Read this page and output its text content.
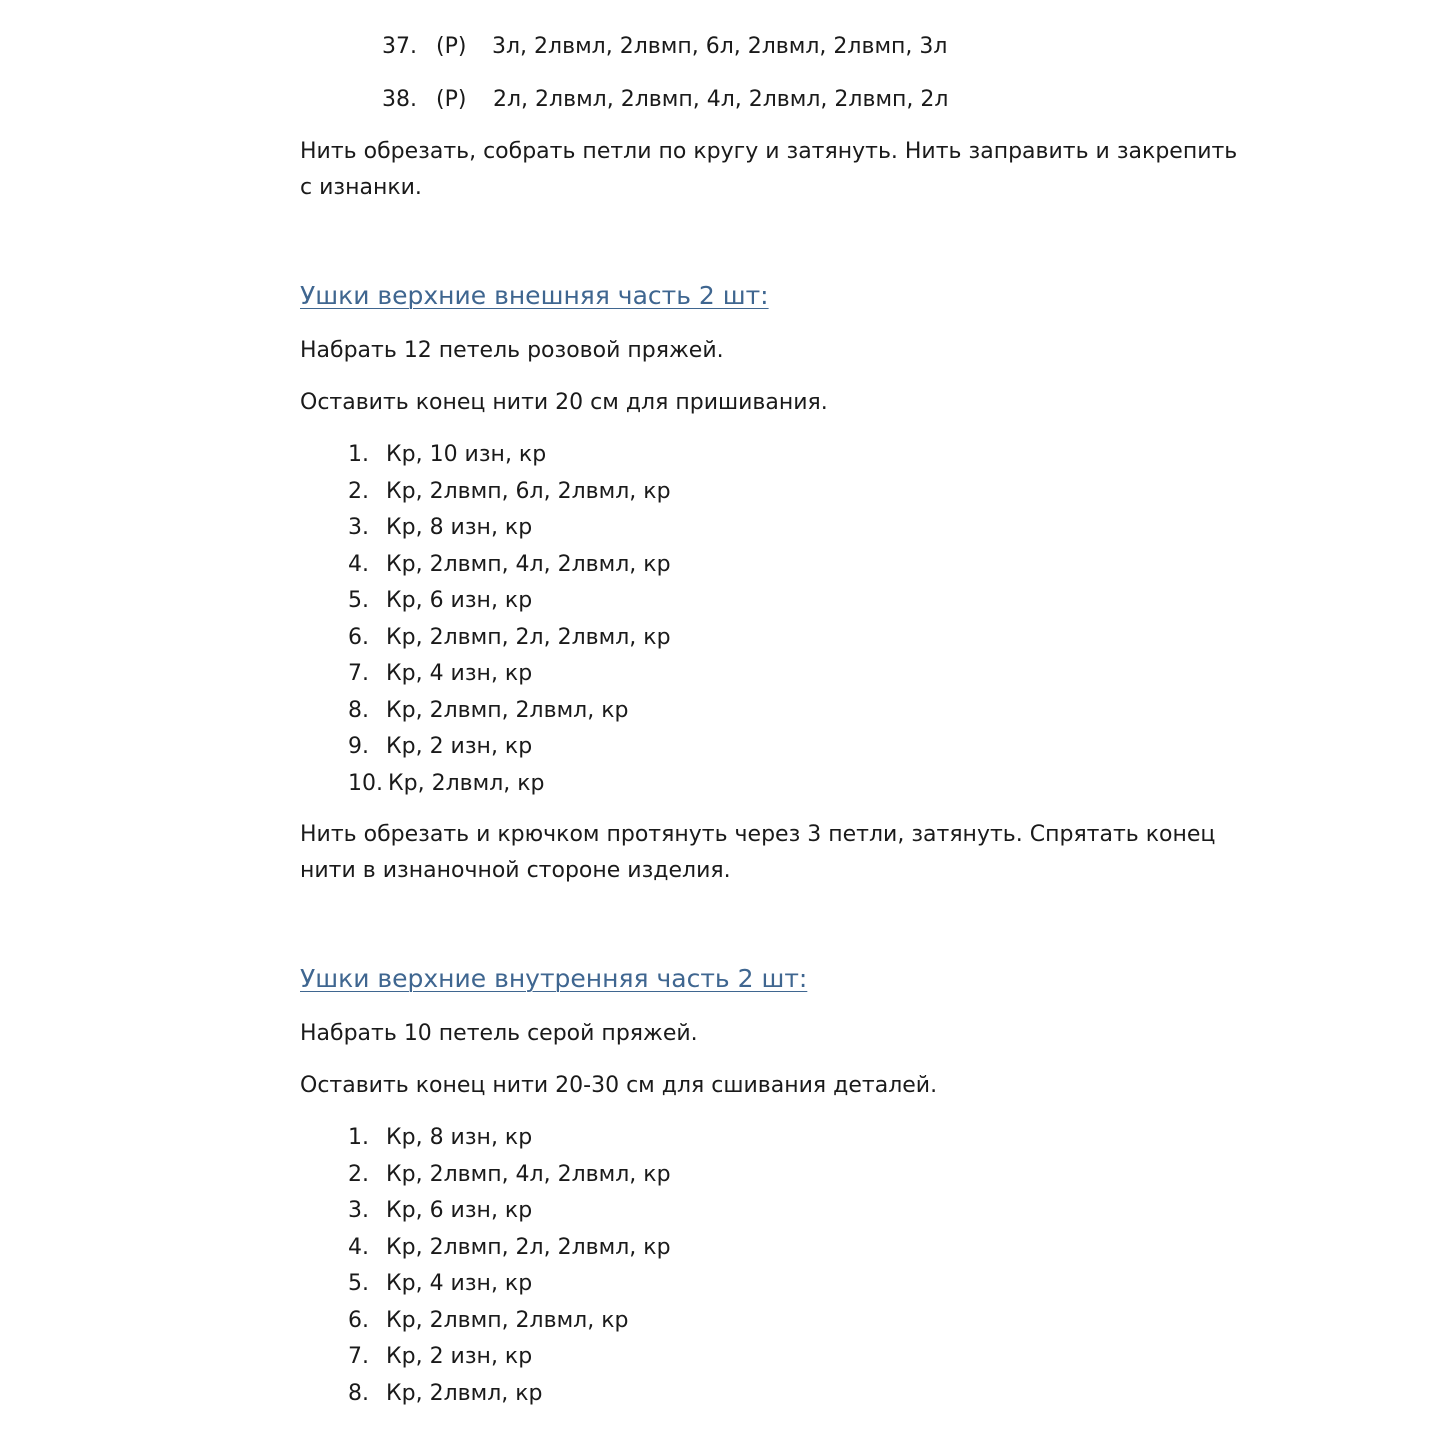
37. (Р) 3л, 2лвмл, 2лвмп, 6л, 2лвмл, 2лвмп, 3л
38. (Р) 2л, 2лвмл, 2лвмп, 4л, 2лвмл, 2лвмп, 2л

Нить обрезать, собрать петли по кругу и затянуть. Нить заправить и закрепить
с изнанки.

Ушки верхние внешняя часть 2 шт:

Набрать 12 петель розовой пряжей.

Оставить конец нити 20 см для пришивания.

1. Кр, 10 изн, кр
2. Кр, 2лвмп, 6л, 2лвмл, кр
3. Кр, 8 изн, кр
4. Кр, 2лвмп, 4л, 2лвмл, кр
5. Кр, 6 изн, кр
6. Кр, 2лвмп, 2л, 2лвмл, кр
7. Кр, 4 изн, кр
8. Кр, 2лвмп, 2лвмл, кр
9. Кр, 2 изн, кр
10. Кр, 2лвмл, кр

Нить обрезать и крючком протянуть через 3 петли, затянуть. Спрятать конец
нити в изнаночной стороне изделия.

Ушки верхние внутренняя часть 2 шт:

Набрать 10 петель серой пряжей.

Оставить конец нити 20-30 см для сшивания деталей.

1. Кр, 8 изн, кр
2. Кр, 2лвмп, 4л, 2лвмл, кр
3. Кр, 6 изн, кр
4. Кр, 2лвмп, 2л, 2лвмл, кр
5. Кр, 4 изн, кр
6. Кр, 2лвмп, 2лвмл, кр
7. Кр, 2 изн, кр
8. Кр, 2лвмл, кр
